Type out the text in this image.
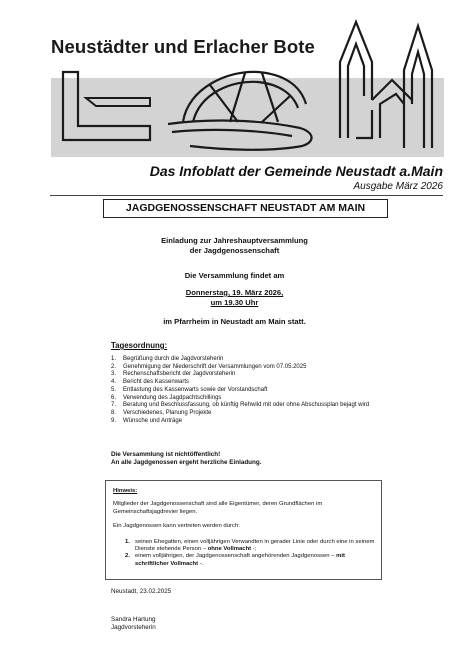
Neustädter und Erlacher Bote
Das Infoblatt der Gemeinde Neustadt a.Main
Ausgabe März 2026
JAGDGENOSSENSCHAFT NEUSTADT AM MAIN
Einladung zur Jahreshauptversammlung
der Jagdgenossenschaft
Die Versammlung findet am
Donnerstag, 19. März 2026,
um 19.30 Uhr
im Pfarrheim in Neustadt am Main statt.
Tagesordnung:
1. Begrüßung durch die Jagdvorsteherin
2. Genehmigung der Niederschrift der Versammlungen vom 07.05.2025
3. Rechenschaftsbericht der Jagdvorsteherin
4. Bericht des Kassenwarts
5. Entlastung des Kassenwarts sowie der Vorstandschaft
6. Verwendung des Jagdpachtschillings
7. Beratung und Beschlussfassung, ob künftig Rehwild mit oder ohne Abschussplan bejagt wird
8. Verschiedenes, Planung Projekte
9. Wünsche und Anträge
Die Versammlung ist nichtöffentlich!
An alle Jagdgenossen ergeht herzliche Einladung.
Hinweis:
Mitglieder der Jagdgenossenschaft sind alle Eigentümer, deren Grundflächen im Gemeinschaftsjagdrevier liegen.
Ein Jagdgenossen kann vertreten werden durch:
1. seinen Ehegatten, einen volljährigen Verwandten in gerader Linie oder durch eine in seinem Dienste stehende Person – ohne Vollmacht -;
2. einem volljährigen, der Jagdgenossenschaft angehörenden Jagdgenossen – mit schriftlicher Vollmacht -.
Neustadt, 23.02.2025
Sandra Hartung
Jagdvorsteherin
